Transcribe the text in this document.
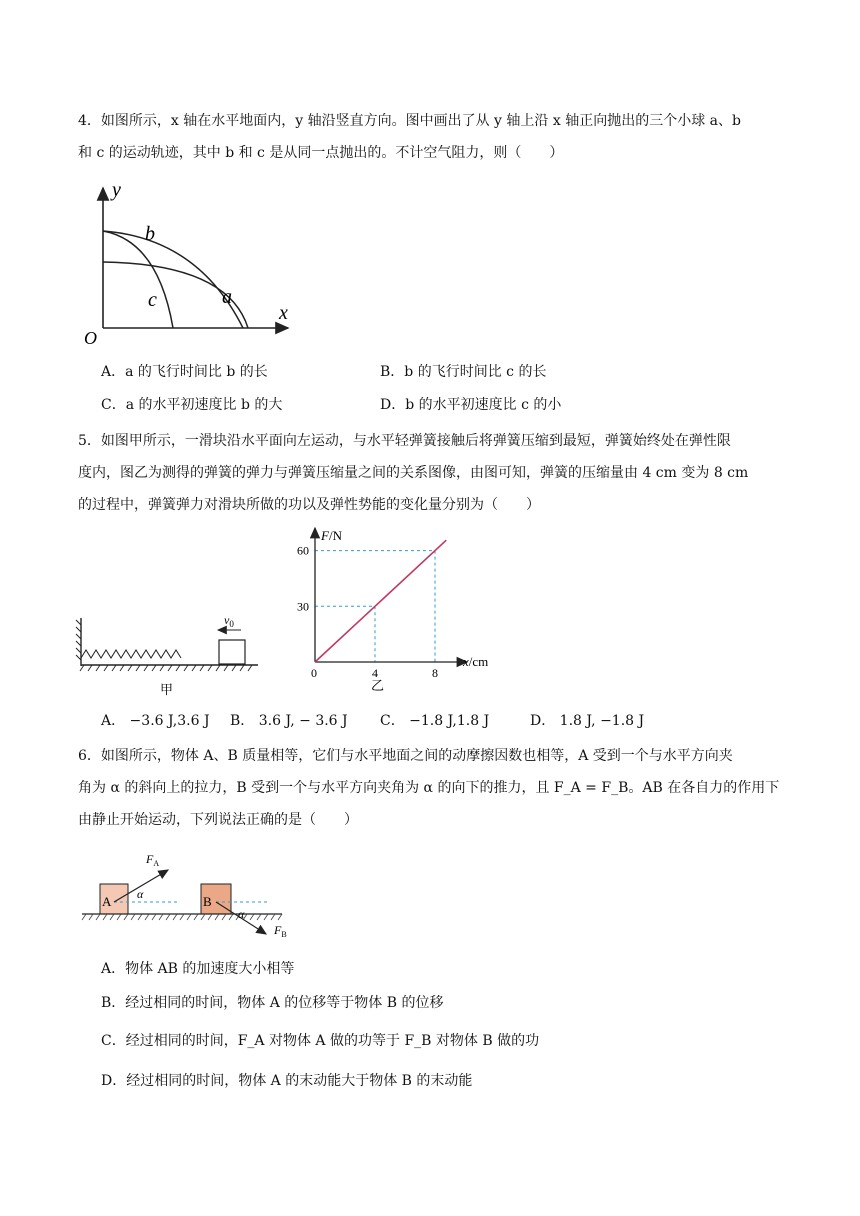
4．如图所示，x 轴在水平地面内，y 轴沿竖直方向。图中画出了从 y 轴上沿 x 轴正向抛出的三个小球 a、b
和 c 的运动轨迹，其中 b 和 c 是从同一点抛出的。不计空气阻力，则（　　）
y
x
O
b
c	a
A．a 的飞行时间比 b 的长	B．b 的飞行时间比 c 的长
C．a 的水平初速度比 b 的大	D．b 的水平初速度比 c 的小
5．如图甲所示，一滑块沿水平面向左运动，与水平轻弹簧接触后将弹簧压缩到最短，弹簧始终处在弹性限
度内，图乙为测得的弹簧的弹力与弹簧压缩量之间的关系图像，由图可知，弹簧的压缩量由 4 cm 变为 8 cm
的过程中，弹簧弹力对滑块所做的功以及弹性势能的变化量分别为（　　）
$v_0$
甲
0	4	8
30
60
F/N
x/cm
乙
A． −3.6 J,3.6 J B． 3.6 J, − 3.6 J C． −1.8 J,1.8 J	D． 1.8 J, −1.8 J
6．如图所示，物体 A、B 质量相等，它们与水平地面之间的动摩擦因数也相等，A 受到一个与水平方向夹
角为 α 的斜向上的拉力，B 受到一个与水平方向夹角为 α 的向下的推力，且 F_A = F_B。AB 在各自力的作用下
由静止开始运动，下列说法正确的是（　　）
A	B
α
α
$F_A$
$F_B$
A．物体 AB 的加速度大小相等
B．经过相同的时间，物体 A 的位移等于物体 B 的位移
C．经过相同的时间，F_A 对物体 A 做的功等于 F_B 对物体 B 做的功
D．经过相同的时间，物体 A 的末动能大于物体 B 的末动能
